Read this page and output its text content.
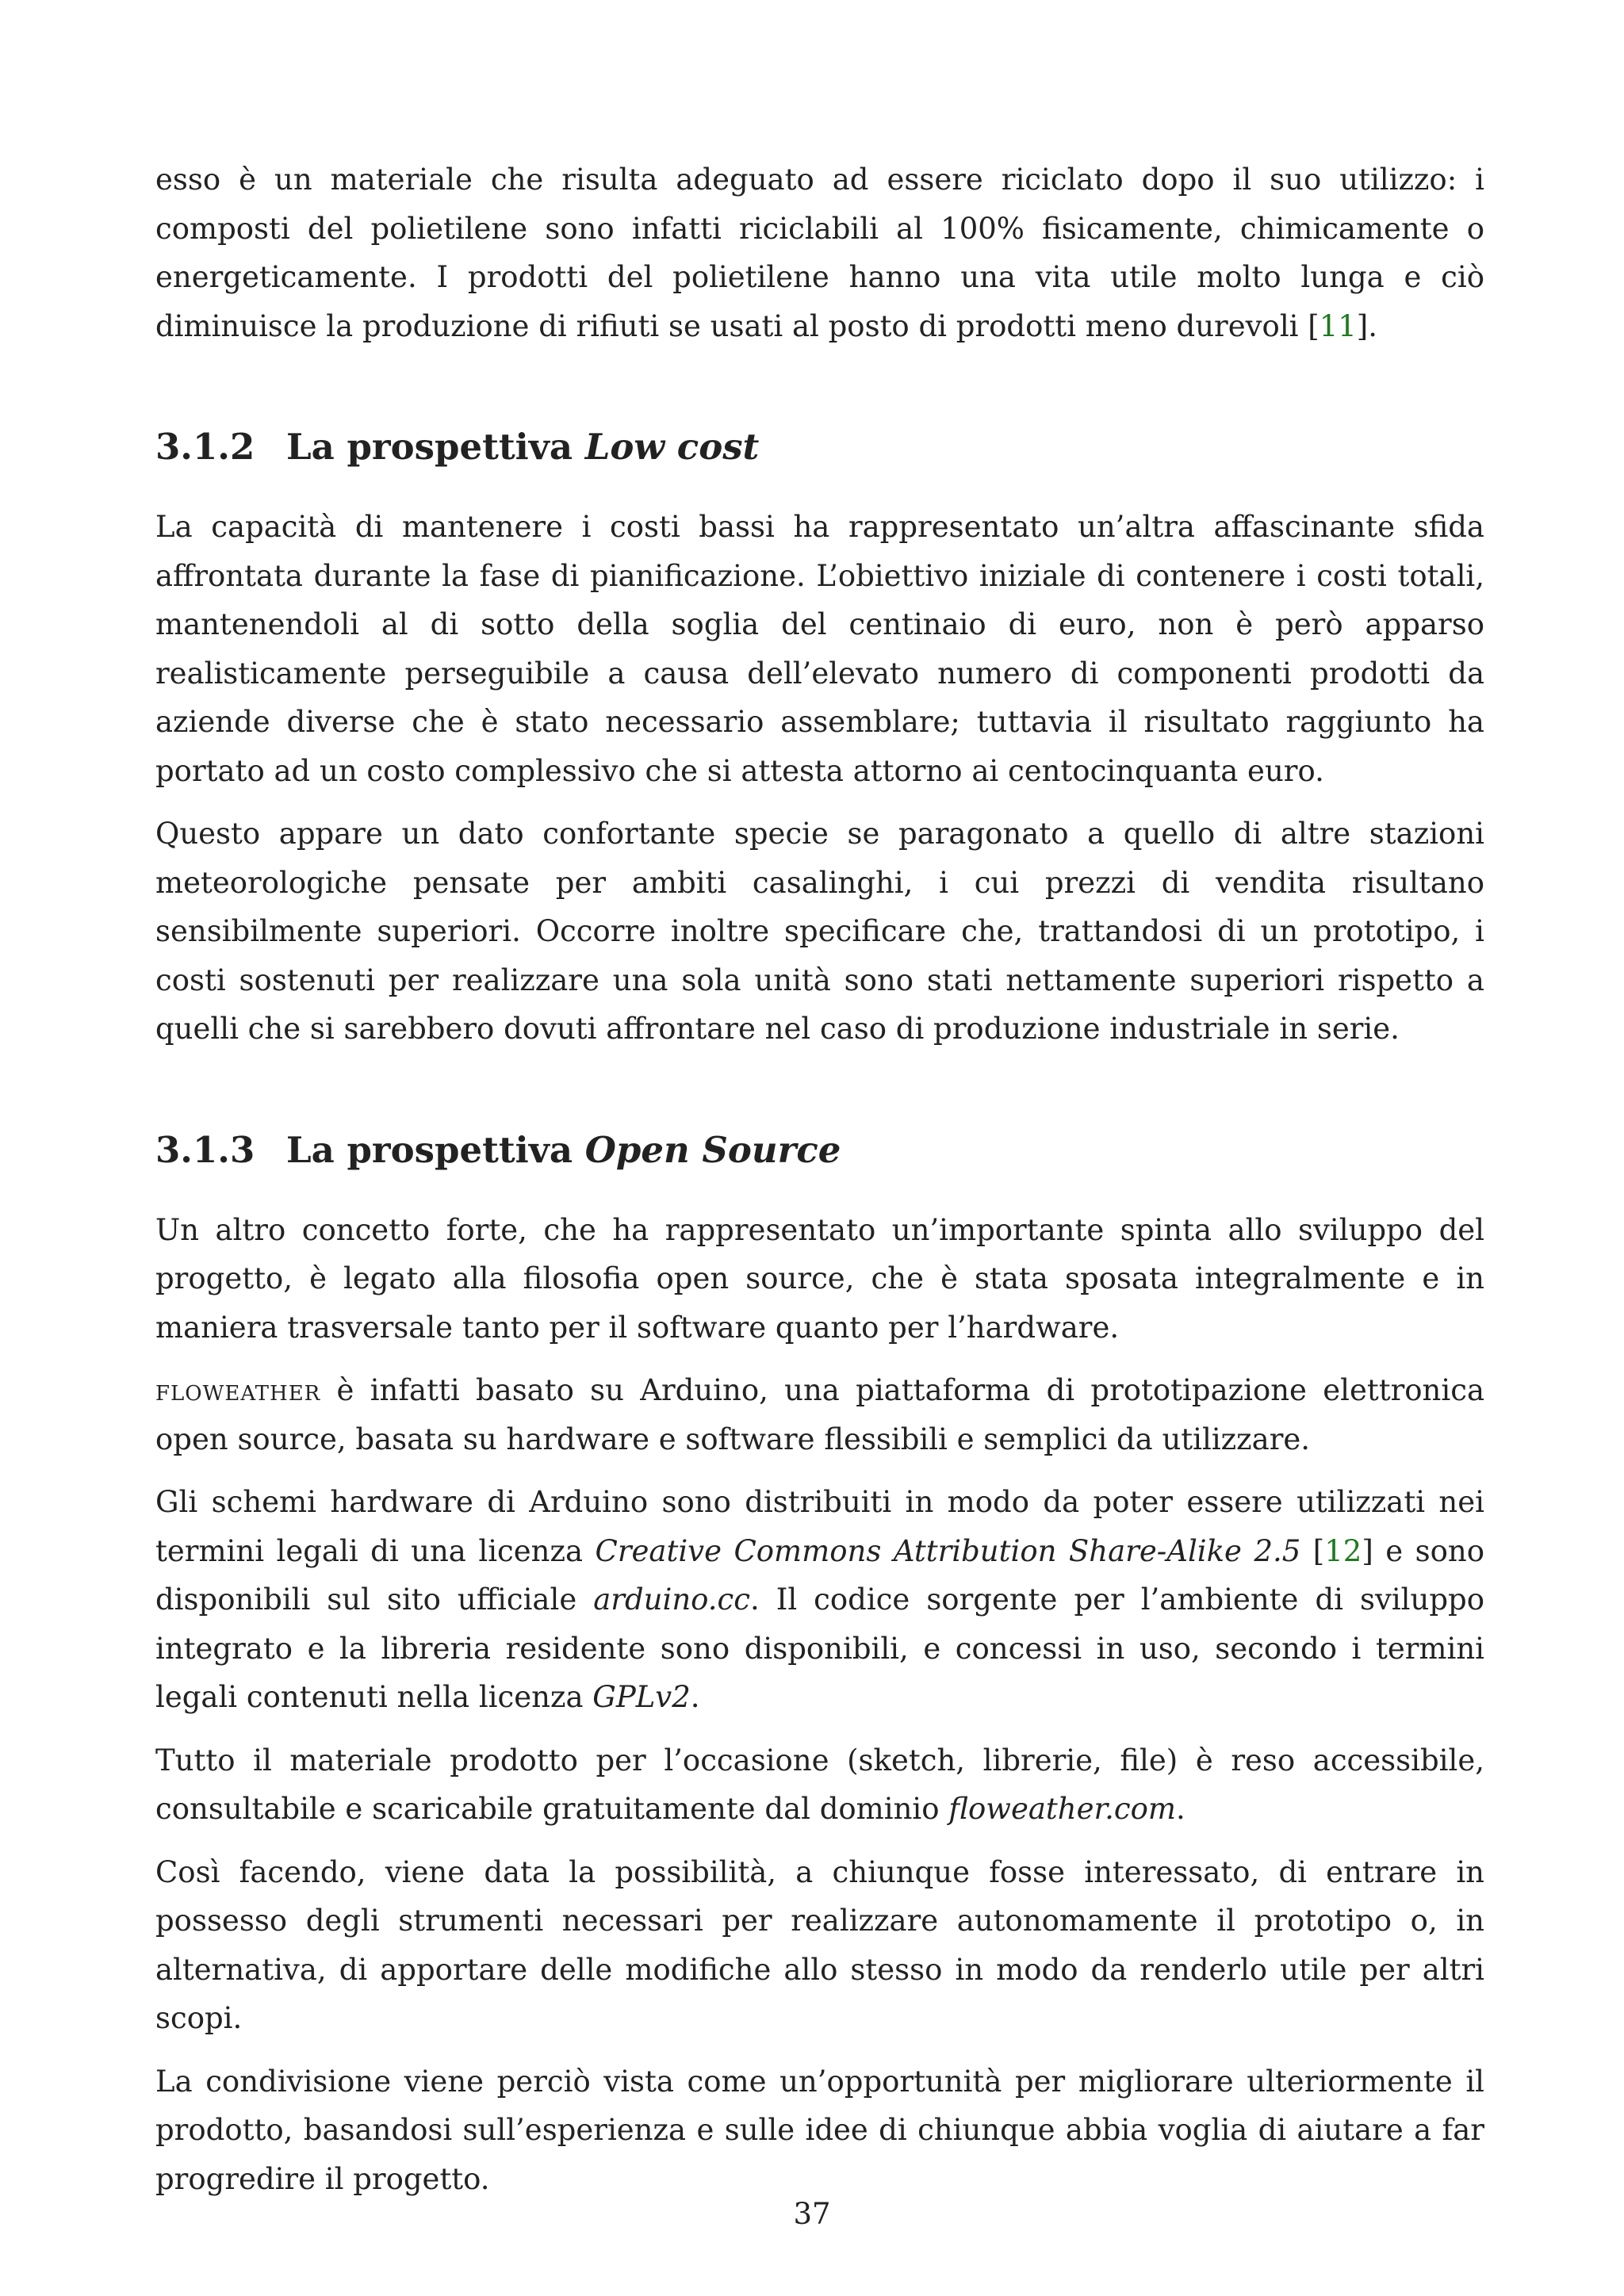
esso è un materiale che risulta adeguato ad essere riciclato dopo il suo utilizzo: i composti del polietilene sono infatti riciclabili al 100% fisicamente, chimicamente o energeticamente. I prodotti del polietilene hanno una vita utile molto lunga e ciò diminuisce la produzione di rifiuti se usati al posto di prodotti meno durevoli [11].

3.1.2 La prospettiva Low cost

La capacità di mantenere i costi bassi ha rappresentato un’altra affascinante sfida affrontata durante la fase di pianificazione. L’obiettivo iniziale di contenere i costi totali, mantenendoli al di sotto della soglia del centinaio di euro, non è però apparso realisticamente perseguibile a causa dell’elevato numero di componenti prodotti da aziende diverse che è stato necessario assemblare; tuttavia il risultato raggiunto ha portato ad un costo complessivo che si attesta attorno ai centocinquanta euro.

Questo appare un dato confortante specie se paragonato a quello di altre stazioni meteorologiche pensate per ambiti casalinghi, i cui prezzi di vendita risultano sensibilmente superiori. Occorre inoltre specificare che, trattandosi di un prototipo, i costi sostenuti per realizzare una sola unità sono stati nettamente superiori rispetto a quelli che si sarebbero dovuti affrontare nel caso di produzione industriale in serie.

3.1.3 La prospettiva Open Source

Un altro concetto forte, che ha rappresentato un’importante spinta allo sviluppo del progetto, è legato alla filosofia open source, che è stata sposata integralmente e in maniera trasversale tanto per il software quanto per l’hardware.

floweather è infatti basato su Arduino, una piattaforma di prototipazione elettronica open source, basata su hardware e software flessibili e semplici da utilizzare.

Gli schemi hardware di Arduino sono distribuiti in modo da poter essere utilizzati nei termini legali di una licenza Creative Commons Attribution Share-Alike 2.5 [12] e sono disponibili sul sito ufficiale arduino.cc. Il codice sorgente per l’ambiente di sviluppo integrato e la libreria residente sono disponibili, e concessi in uso, secondo i termini legali contenuti nella licenza GPLv2.

Tutto il materiale prodotto per l’occasione (sketch, librerie, file) è reso accessibile, consultabile e scaricabile gratuitamente dal dominio floweather.com.

Così facendo, viene data la possibilità, a chiunque fosse interessato, di entrare in possesso degli strumenti necessari per realizzare autonomamente il prototipo o, in alternativa, di apportare delle modifiche allo stesso in modo da renderlo utile per altri scopi.

La condivisione viene perciò vista come un’opportunità per migliorare ulteriormente il prodotto, basandosi sull’esperienza e sulle idee di chiunque abbia voglia di aiutare a far progredire il progetto.

37
